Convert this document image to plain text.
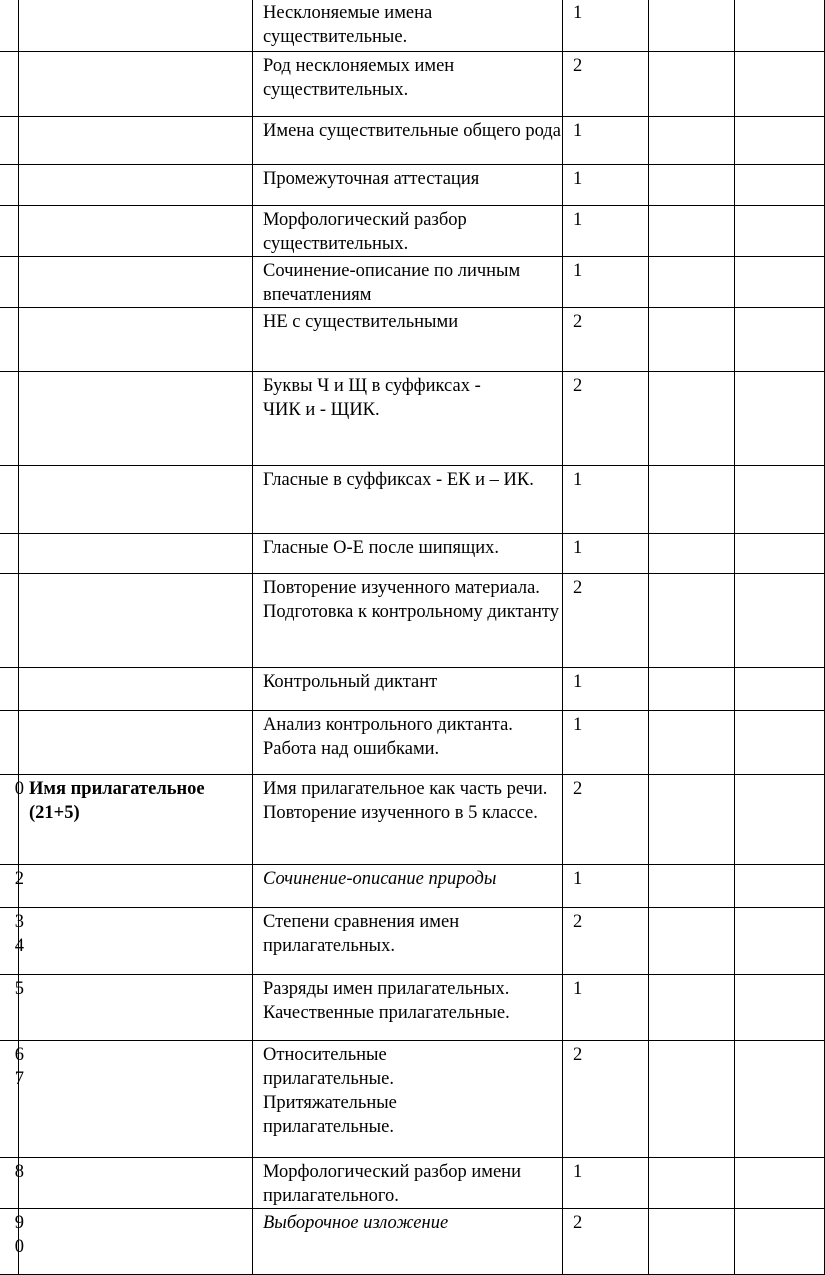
		Несклоняемые имена существительные.	1		
		Род несклоняемых имен существительных.	2		
		Имена существительные общего рода	1		
		Промежуточная аттестация	1		
		Морфологический разбор существительных.	1		
		Сочинение-описание по личным впечатлениям	1		
		НЕ с существительными	2		
		Буквы Ч и Щ в суффиксах - ЧИК и - ЩИК.	2		
		Гласные в суффиксах - ЕК и – ИК.	1		
		Гласные О-Е после шипящих.	1		
		Повторение изученного материала. Подготовка к контрольному диктанту	2		
		Контрольный диктант	1		
		Анализ контрольного диктанта. Работа над ошибками.	1		
0	Имя прилагательное (21+5)	Имя прилагательное как часть речи. Повторение изученного в 5 классе.	2		
2		Сочинение-описание природы	1		
3 4		Степени сравнения имен прилагательных.	2		
5		Разряды имен прилагательных. Качественные прилагательные.	1		
6 7		Относительные прилагательные. Притяжательные прилагательные.	2		
8		Морфологический разбор имени прилагательного.	1		
9 0		Выборочное изложение	2		
